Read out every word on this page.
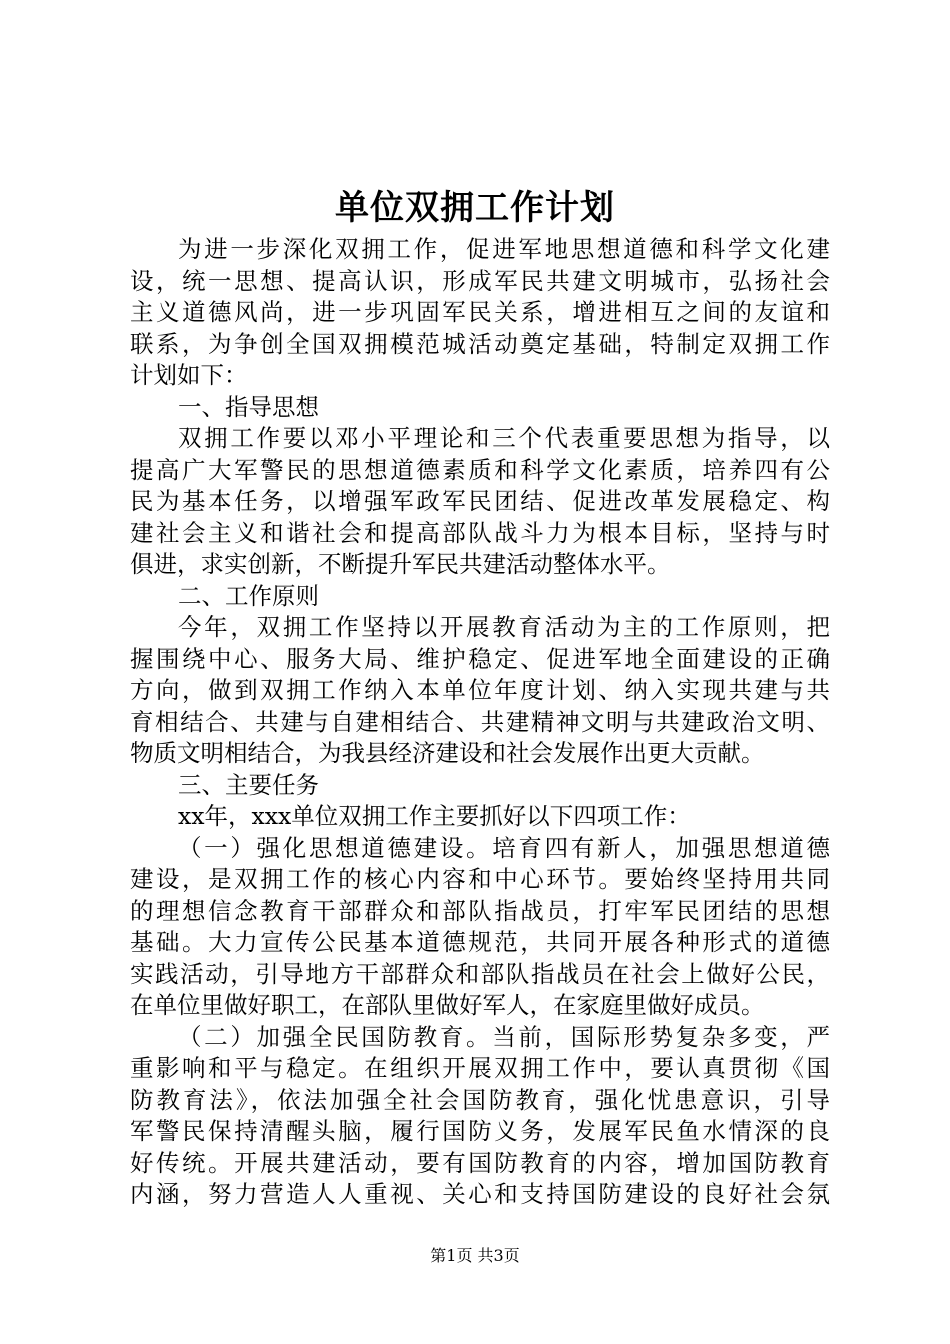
单位双拥工作计划
为进一步深化双拥工作，促进军地思想道德和科学文化建
设，统一思想、提高认识，形成军民共建文明城市，弘扬社会
主义道德风尚，进一步巩固军民关系，增进相互之间的友谊和
联系，为争创全国双拥模范城活动奠定基础，特制定双拥工作
计划如下：
一、指导思想
双拥工作要以邓小平理论和三个代表重要思想为指导，以
提高广大军警民的思想道德素质和科学文化素质，培养四有公
民为基本任务，以增强军政军民团结、促进改革发展稳定、构
建社会主义和谐社会和提高部队战斗力为根本目标，坚持与时
俱进，求实创新，不断提升军民共建活动整体水平。
二、工作原则
今年，双拥工作坚持以开展教育活动为主的工作原则，把
握围绕中心、服务大局、维护稳定、促进军地全面建设的正确
方向，做到双拥工作纳入本单位年度计划、纳入实现共建与共
育相结合、共建与自建相结合、共建精神文明与共建政治文明、
物质文明相结合，为我县经济建设和社会发展作出更大贡献。
三、主要任务
xx年，xxx单位双拥工作主要抓好以下四项工作：
（一）强化思想道德建设。培育四有新人，加强思想道德
建设，是双拥工作的核心内容和中心环节。要始终坚持用共同
的理想信念教育干部群众和部队指战员，打牢军民团结的思想
基础。大力宣传公民基本道德规范，共同开展各种形式的道德
实践活动，引导地方干部群众和部队指战员在社会上做好公民，
在单位里做好职工，在部队里做好军人，在家庭里做好成员。
（二）加强全民国防教育。当前，国际形势复杂多变，严
重影响和平与稳定。在组织开展双拥工作中，要认真贯彻《国
防教育法》，依法加强全社会国防教育，强化忧患意识，引导
军警民保持清醒头脑，履行国防义务，发展军民鱼水情深的良
好传统。开展共建活动，要有国防教育的内容，增加国防教育
内涵，努力营造人人重视、关心和支持国防建设的良好社会氛
第1页 共3页
